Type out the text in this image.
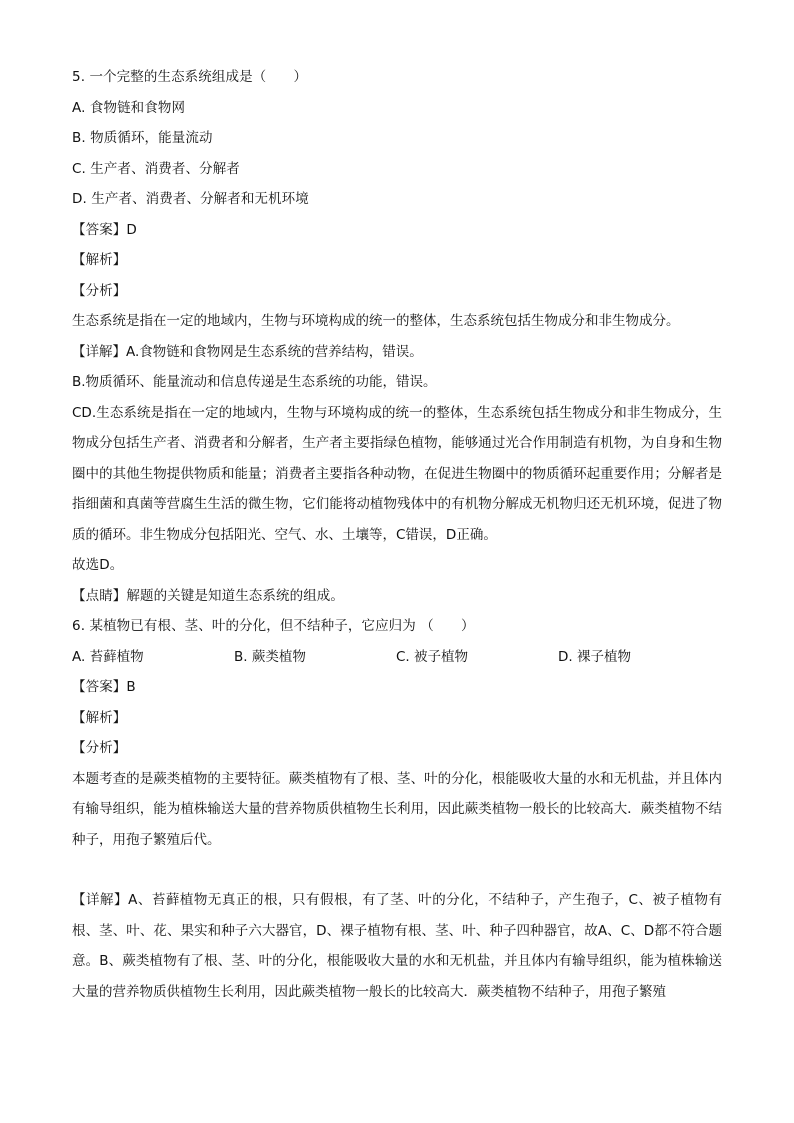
5. 一个完整的生态系统组成是（　　）
A. 食物链和食物网
B. 物质循环，能量流动
C. 生产者、消费者、分解者
D. 生产者、消费者、分解者和无机环境
【答案】D
【解析】
【分析】
生态系统是指在一定的地域内，生物与环境构成的统一的整体，生态系统包括生物成分和非生物成分。
【详解】A.食物链和食物网是生态系统的营养结构，错误。
B.物质循环、能量流动和信息传递是生态系统的功能，错误。
CD.生态系统是指在一定的地域内，生物与环境构成的统一的整体，生态系统包括生物成分和非生物成分，生物成分包括生产者、消费者和分解者，生产者主要指绿色植物，能够通过光合作用制造有机物，为自身和生物圈中的其他生物提供物质和能量；消费者主要指各种动物，在促进生物圈中的物质循环起重要作用；分解者是指细菌和真菌等营腐生生活的微生物，它们能将动植物残体中的有机物分解成无机物归还无机环境，促进了物质的循环。非生物成分包括阳光、空气、水、土壤等，C错误，D正确。
故选D。
【点睛】解题的关键是知道生态系统的组成。
6. 某植物已有根、茎、叶的分化，但不结种子，它应归为 （　　）
A. 苔藓植物	B. 蕨类植物	C. 被子植物	D. 裸子植物
【答案】B
【解析】
【分析】
本题考查的是蕨类植物的主要特征。蕨类植物有了根、茎、叶的分化，根能吸收大量的水和无机盐，并且体内有输导组织，能为植株输送大量的营养物质供植物生长利用，因此蕨类植物一般长的比较高大．蕨类植物不结种子，用孢子繁殖后代。
【详解】A、苔藓植物无真正的根，只有假根，有了茎、叶的分化，不结种子，产生孢子，C、被子植物有根、茎、叶、花、果实和种子六大器官，D、裸子植物有根、茎、叶、种子四种器官，故A、C、D都不符合题意。B、蕨类植物有了根、茎、叶的分化，根能吸收大量的水和无机盐，并且体内有输导组织，能为植株输送大量的营养物质供植物生长利用，因此蕨类植物一般长的比较高大．蕨类植物不结种子，用孢子繁殖
